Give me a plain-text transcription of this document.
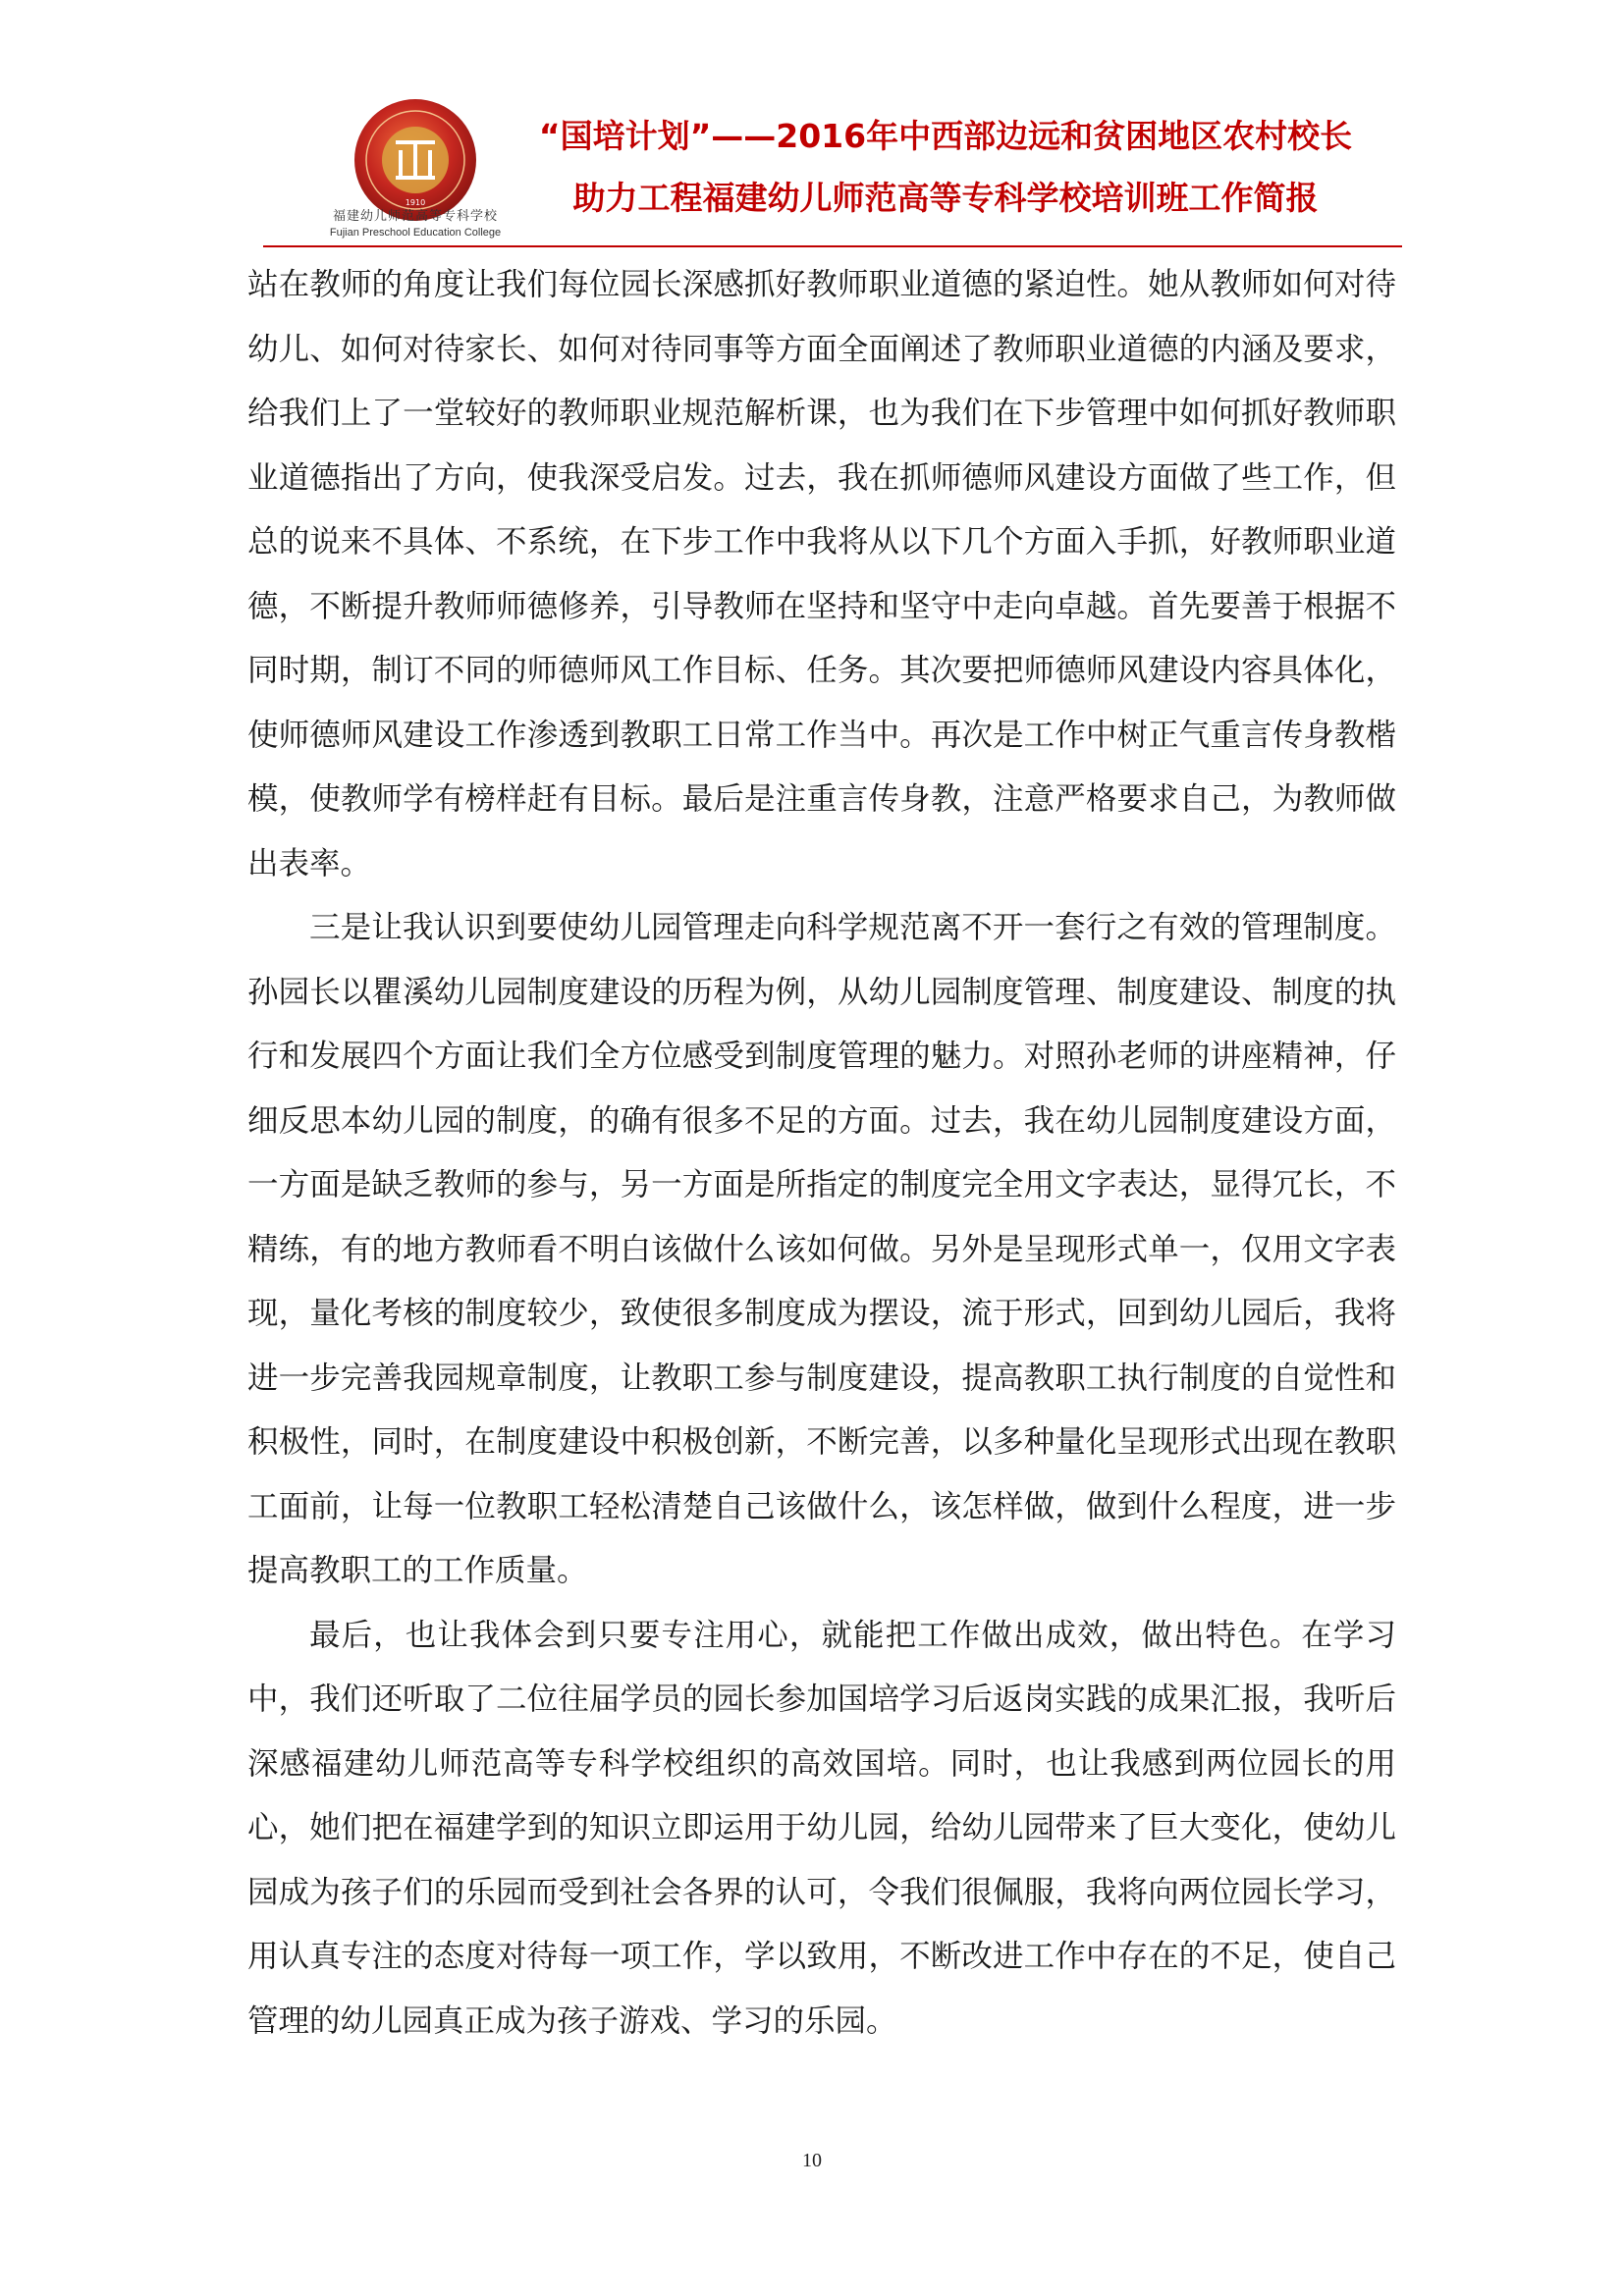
1910
福建幼儿师范高等专科学校
Fujian Preschool Education College
“国培计划”——2016年中西部边远和贫困地区农村校长
助力工程福建幼儿师范高等专科学校培训班工作简报

站在教师的角度让我们每位园长深感抓好教师职业道德的紧迫性。她从教师如何对待幼儿、如何对待家长、如何对待同事等方面全面阐述了教师职业道德的内涵及要求，给我们上了一堂较好的教师职业规范解析课，也为我们在下步管理中如何抓好教师职业道德指出了方向，使我深受启发。过去，我在抓师德师风建设方面做了些工作，但总的说来不具体、不系统，在下步工作中我将从以下几个方面入手抓，好教师职业道德，不断提升教师师德修养，引导教师在坚持和坚守中走向卓越。首先要善于根据不同时期，制订不同的师德师风工作目标、任务。其次要把师德师风建设内容具体化，使师德师风建设工作渗透到教职工日常工作当中。再次是工作中树正气重言传身教楷模，使教师学有榜样赶有目标。最后是注重言传身教，注意严格要求自己，为教师做出表率。

三是让我认识到要使幼儿园管理走向科学规范离不开一套行之有效的管理制度。孙园长以瞿溪幼儿园制度建设的历程为例，从幼儿园制度管理、制度建设、制度的执行和发展四个方面让我们全方位感受到制度管理的魅力。对照孙老师的讲座精神，仔细反思本幼儿园的制度，的确有很多不足的方面。过去，我在幼儿园制度建设方面，一方面是缺乏教师的参与，另一方面是所指定的制度完全用文字表达，显得冗长，不精练，有的地方教师看不明白该做什么该如何做。另外是呈现形式单一，仅用文字表现，量化考核的制度较少，致使很多制度成为摆设，流于形式，回到幼儿园后，我将进一步完善我园规章制度，让教职工参与制度建设，提高教职工执行制度的自觉性和积极性，同时，在制度建设中积极创新，不断完善，以多种量化呈现形式出现在教职工面前，让每一位教职工轻松清楚自己该做什么，该怎样做，做到什么程度，进一步提高教职工的工作质量。

最后，也让我体会到只要专注用心，就能把工作做出成效，做出特色。在学习中，我们还听取了二位往届学员的园长参加国培学习后返岗实践的成果汇报，我听后深感福建幼儿师范高等专科学校组织的高效国培。同时，也让我感到两位园长的用心，她们把在福建学到的知识立即运用于幼儿园，给幼儿园带来了巨大变化，使幼儿园成为孩子们的乐园而受到社会各界的认可，令我们很佩服，我将向两位园长学习，用认真专注的态度对待每一项工作，学以致用，不断改进工作中存在的不足，使自己管理的幼儿园真正成为孩子游戏、学习的乐园。

10
